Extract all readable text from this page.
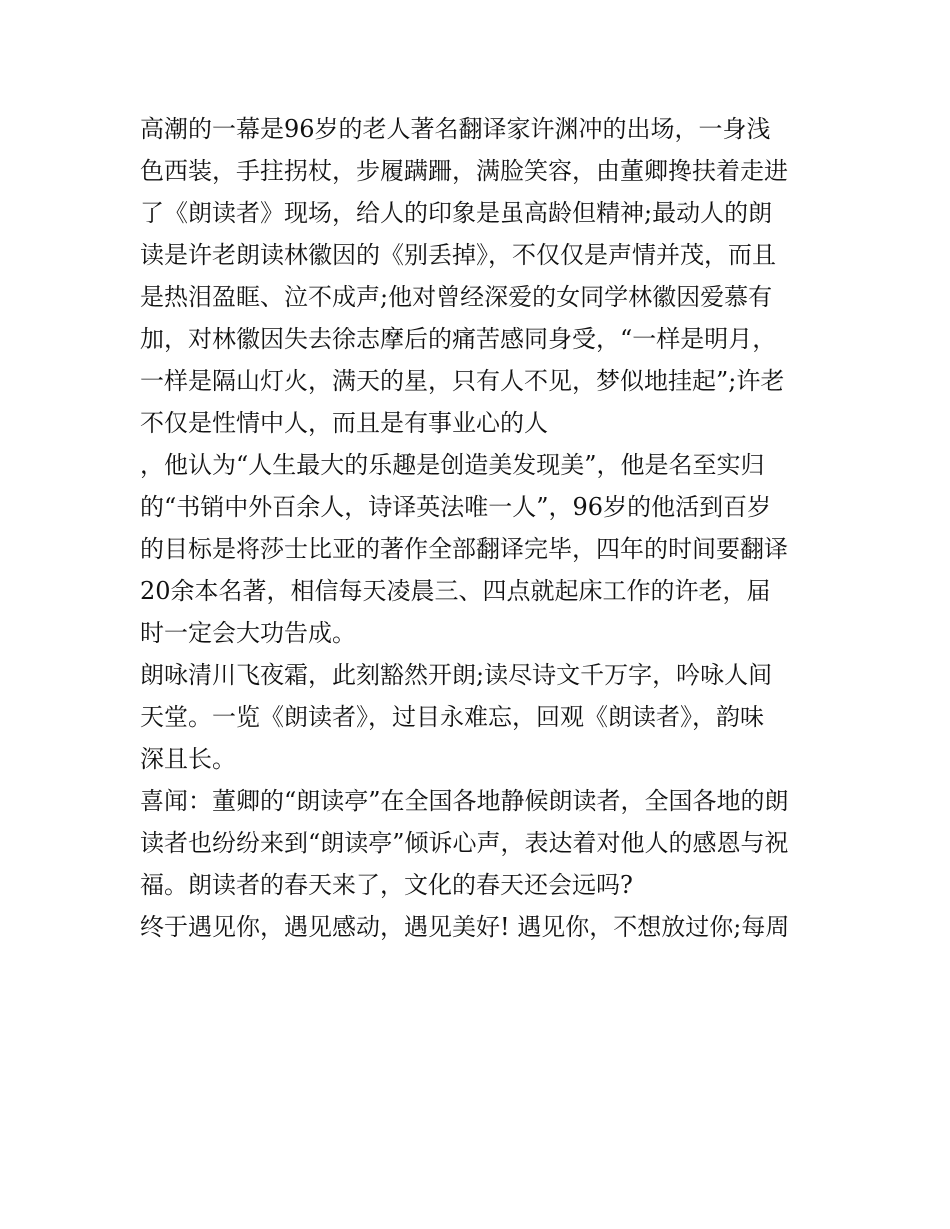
高潮的一幕是96岁的老人著名翻译家许渊冲的出场，一身浅
色西装，手拄拐杖，步履蹒跚，满脸笑容，由董卿搀扶着走进
了《朗读者》现场，给人的印象是虽高龄但精神;最动人的朗
读是许老朗读林徽因的《别丢掉》，不仅仅是声情并茂，而且
是热泪盈眶、泣不成声;他对曾经深爱的女同学林徽因爱慕有
加，对林徽因失去徐志摩后的痛苦感同身受，“一样是明月，
一样是隔山灯火，满天的星，只有人不见，梦似地挂起”;许老
不仅是性情中人，而且是有事业心的人
，他认为“人生最大的乐趣是创造美发现美”，他是名至实归
的“书销中外百余人，诗译英法唯一人”，96岁的他活到百岁
的目标是将莎士比亚的著作全部翻译完毕，四年的时间要翻译
20余本名著，相信每天凌晨三、四点就起床工作的许老，届
时一定会大功告成。
朗咏清川飞夜霜，此刻豁然开朗;读尽诗文千万字，吟咏人间
天堂。一览《朗读者》，过目永难忘，回观《朗读者》，韵味
深且长。
喜闻：董卿的“朗读亭”在全国各地静候朗读者，全国各地的朗
读者也纷纷来到“朗读亭”倾诉心声，表达着对他人的感恩与祝
福。朗读者的春天来了，文化的春天还会远吗?
终于遇见你，遇见感动，遇见美好! 遇见你，不想放过你;每周
